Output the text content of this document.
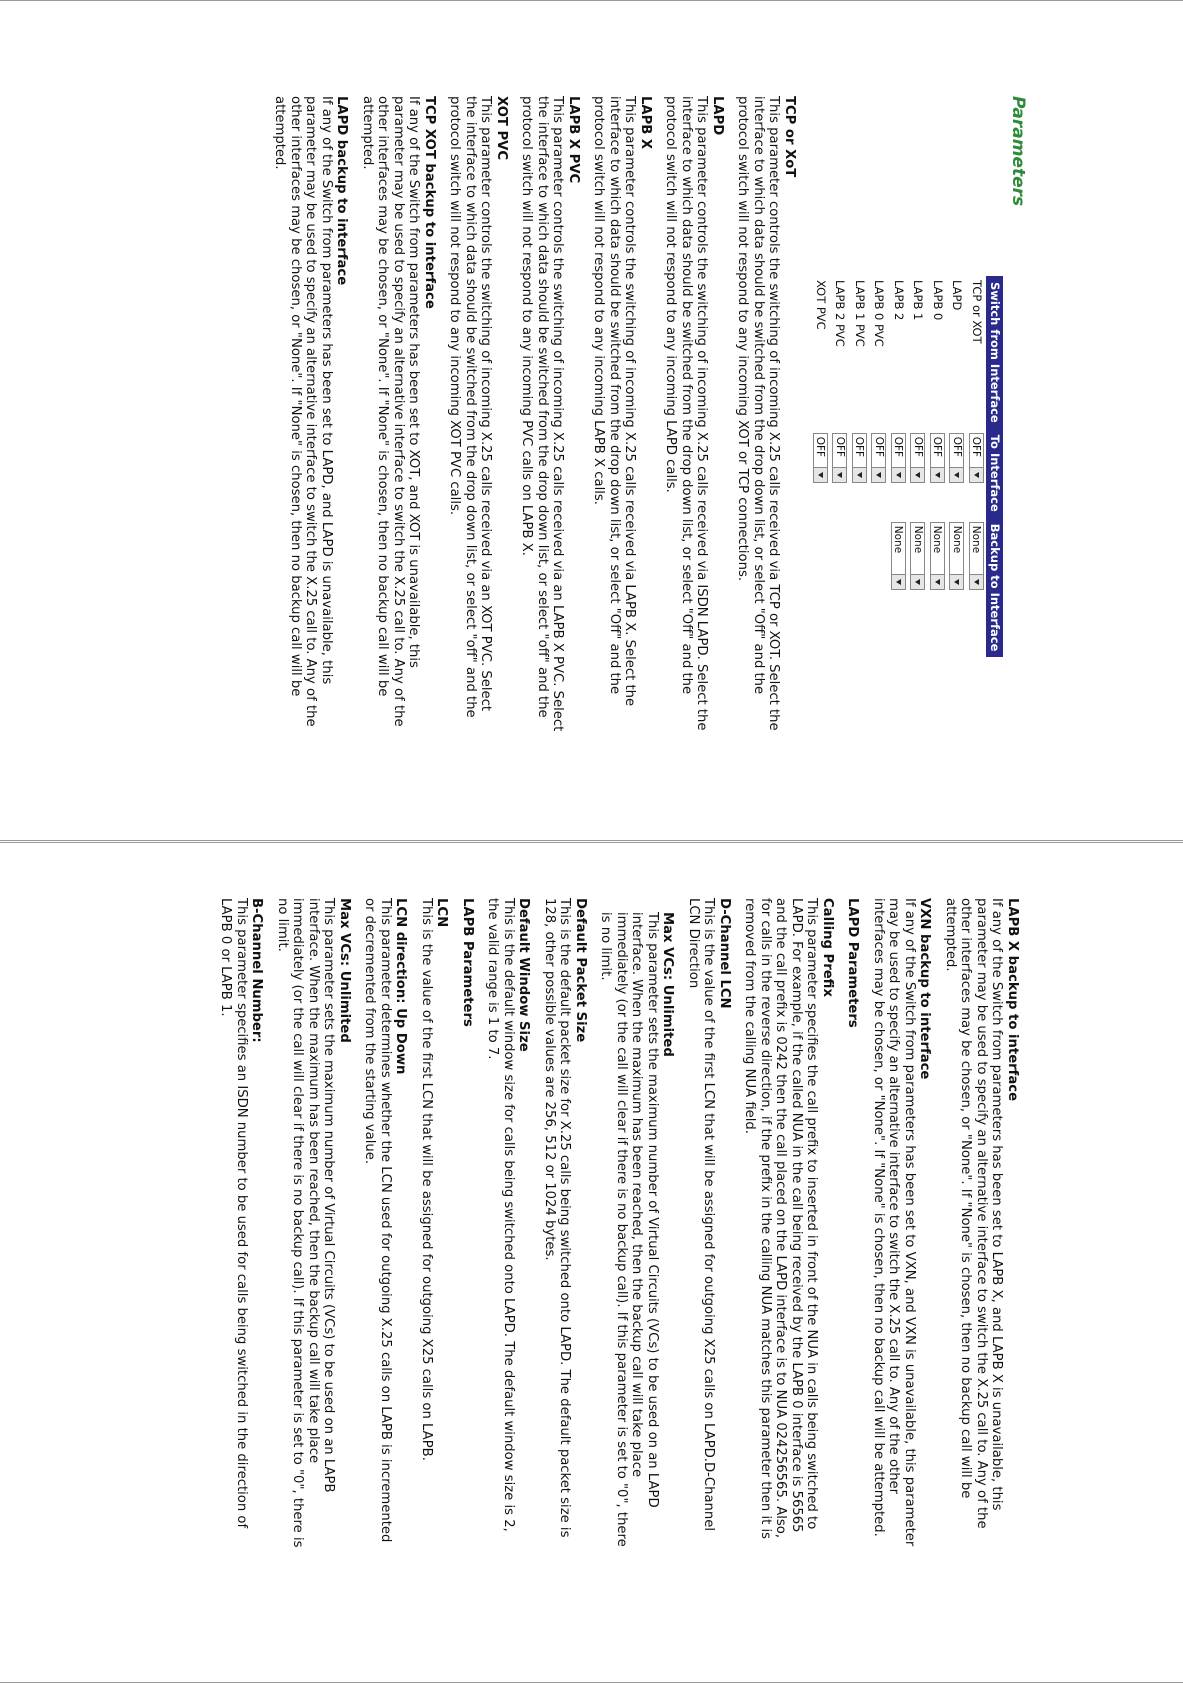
Parameters
Switch from Interface	To Interface	Backup to Interface
TCP or XOT	OFF	None

LAPD	OFF	None

LAPB 0	OFF	None

LAPB 1	OFF	None

LAPB 2	OFF	None

LAPB 0 PVC	OFF	

LAPB 1 PVC	OFF	

LAPB 2 PVC	OFF	

XOT PVC	OFF	

TCP or XoT

This parameter controls the switching of incoming X.25 calls received via TCP or XOT. Select the interface to which data should be switched from the drop down list, or select "Off" and the protocol switch will not respond to any incoming XOT or TCP connections.

LAPD

This parameter controls the switching of incoming X.25 calls received via ISDN LAPD. Select the interface to which data should be switched from the drop down list, or select "Off" and the protocol switch will not respond to any incoming LAPD calls.

LAPB X

This parameter controls the switching of incoming X.25 calls received via LAPB X. Select the interface to which data should be switched from the drop down list, or select "Off" and the protocol switch will not respond to any incoming LAPB X calls.

LAPB X PVC

This parameter controls the switching of incoming X.25 calls received via an LAPB X PVC. Select the interface to which data should be switched from the drop down list, or select "off" and the protocol switch will not respond to any incoming PVC calls on LAPB X.

XOT PVC

This parameter controls the switching of incoming X.25 calls received via an XOT PVC. Select the interface to which data should be switched from the drop down list, or select "off" and the protocol switch will not respond to any incoming XOT PVC calls.

TCP XOT backup to interface

If any of the Switch from parameters has been set to XOT, and XOT is unavailable, this parameter may be used to specify an alternative interface to switch the X.25 call to. Any of the other interfaces may be chosen, or "None". If "None" is chosen, then no backup call will be attempted.

LAPD backup to interface

If any of the Switch from parameters has been set to LAPD, and LAPD is unavailable, this parameter may be used to specify an alternative interface to switch the X.25 call to. Any of the other interfaces may be chosen, or "None". If "None" is chosen, then no backup call will be attempted.

LAPB X backup to interface

If any of the Switch from parameters has been set to LAPB X, and LAPB X is unavailable, this parameter may be used to specify an alternative interface to switch the X.25 call to. Any of the other interfaces may be chosen, or "None". If "None" is chosen, then no backup call will be attempted.

VXN backup to interface

If any of the Switch from parameters has been set to VXN, and VXN is unavailable, this parameter may be used to specify an alternative interface to switch the X.25 call to. Any of the other interfaces may be chosen, or "None". If "None" is chosen, then no backup call will be attempted.

LAPD Parameters

Calling Prefix

This parameter specifies the call prefix to inserted in front of the NUA in calls being switched to LAPD. For example, if the called NUA in the call being received by the LAPB 0 interface is 56565 and the call prefix is 0242 then the call placed on the LAPD interface is to NUA 024256565. Also, for calls in the reverse direction, if the prefix in the calling NUA matches this parameter then it is removed from the calling NUA field.

D-Channel LCN

This is the value of the first LCN that will be assigned for outgoing X25 calls on LAPD.D-Channel LCN Direction

Max VCs: Unlimited

This parameter sets the maximum number of Virtual Circuits (VCs) to be used on an LAPD interface. When the maximum has been reached, then the backup call will take place immediately (or the call will clear if there is no backup call). If this parameter is set to "0", there is no limit.

Default Packet Size

This is the default packet size for X.25 calls being switched onto LAPD. The default packet size is 128, other possible values are 256, 512 or 1024 bytes.

Default Window Size

This is the default window size for calls being switched onto LAPD. The default window size is 2, the valid range is 1 to 7.

LAPB Parameters

LCN

This is the value of the first LCN that will be assigned for outgoing X25 calls on LAPB.

LCN direction: Up Down

This parameter determines whether the LCN used for outgoing X.25 calls on LAPB is incremented or decremented from the starting value.

Max VCs: Unlimited

This parameter sets the maximum number of Virtual Circuits (VCs) to be used on an LAPB interface. When the maximum has been reached, then the backup call will take place immediately (or the call will clear if there is no backup call). If this parameter is set to "0", there is no limit.

B-Channel Number:

This parameter specifies an ISDN number to be used for calls being switched in the direction of LAPB 0 or LAPB 1.
